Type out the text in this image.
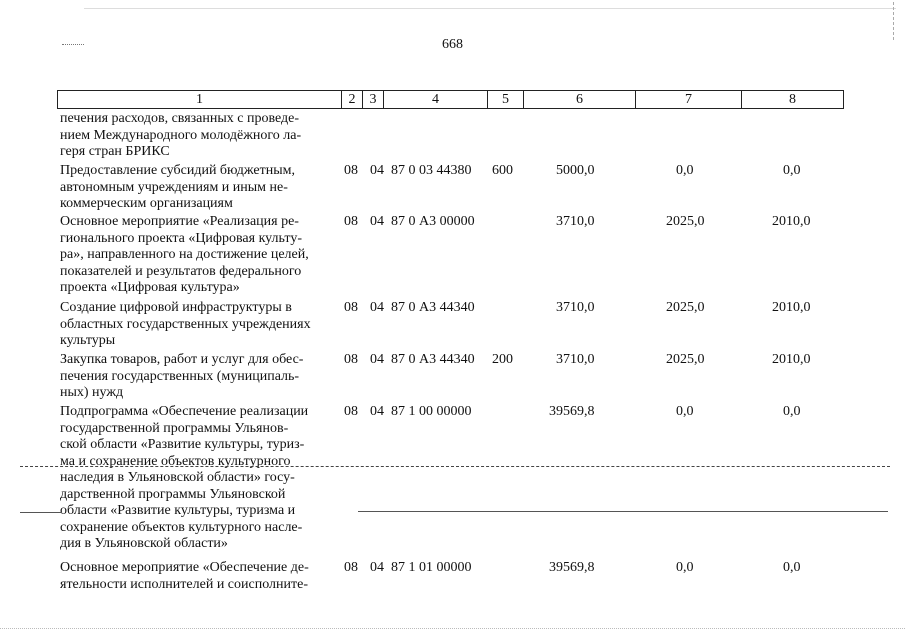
668
1	2	3	4	5	6	7	8
печения расходов, связанных с проведе-
нием Международного молодёжного ла-
геря стран БРИКС
Предоставление субсидий бюджетным,
автономным учреждениям и иным не-
коммерческим организациям
08 04 87 0 03 44380 600	5000,0	0,0	0,0
Основное мероприятие «Реализация ре-
гионального проекта «Цифровая культу-
ра», направленного на достижение целей,
показателей и результатов федерального
проекта «Цифровая культура»
08 04 87 0 А3 00000	3710,0	2025,0	2010,0
Создание цифровой инфраструктуры в
областных государственных учреждениях
культуры
08 04 87 0 А3 44340	3710,0	2025,0	2010,0
Закупка товаров, работ и услуг для обес-
печения государственных (муниципаль-
ных) нужд
08 04 87 0 А3 44340 200	3710,0	2025,0	2010,0
Подпрограмма «Обеспечение реализации
государственной программы Ульянов-
ской области «Развитие культуры, туриз-
ма и сохранение объектов культурного
наследия в Ульяновской области» госу-
дарственной программы Ульяновской
области «Развитие культуры, туризма и
сохранение объектов культурного насле-
дия в Ульяновской области»
08 04 87 1 00 00000	39569,8	0,0	0,0
Основное мероприятие «Обеспечение де-
ятельности исполнителей и соисполните-
08 04 87 1 01 00000	39569,8	0,0	0,0
